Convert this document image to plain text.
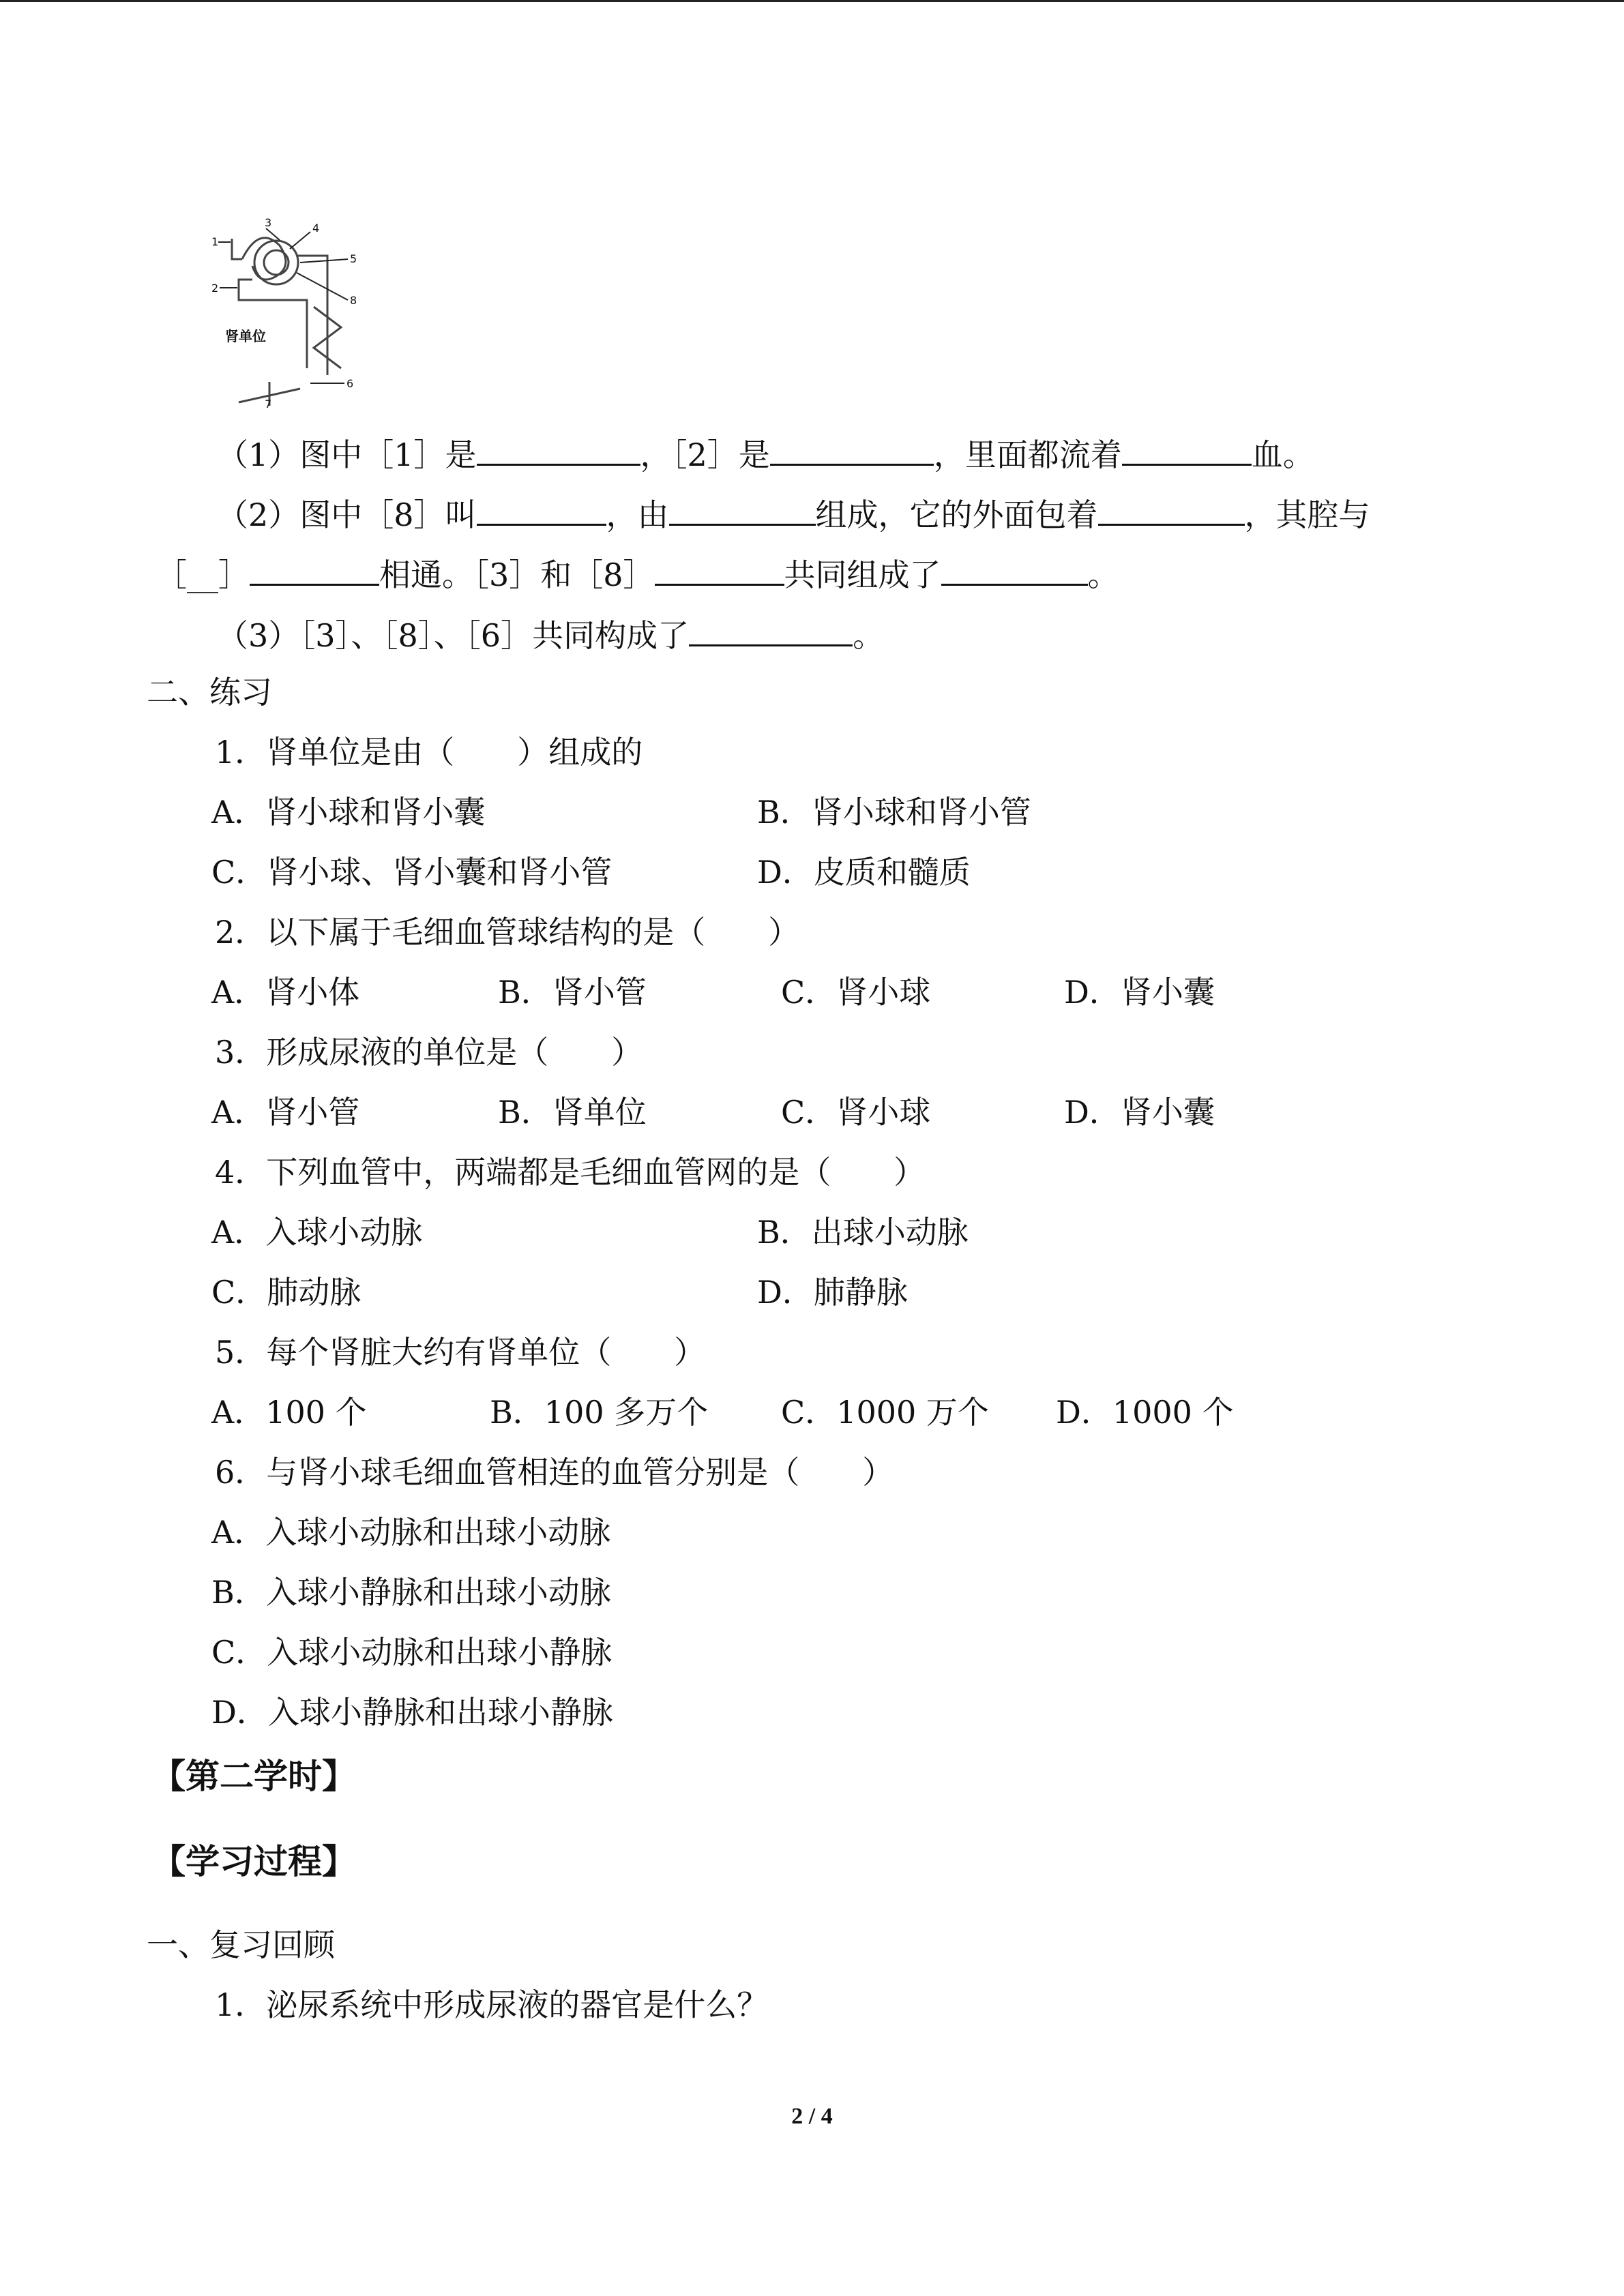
1
2
3	4
5
8
6
7
肾单位
（1）图中［1］是	，［2］是	，里面都流着	血。
（2）图中［8］叫	，由	组成，它的外面包着	，其腔与
［__］	相通。［3］和［8］	共同组成了	。
（3）［3］、［8］、［6］共同构成了	。
二、练习
1．肾单位是由（　　）组成的
A．肾小球和肾小囊	B．肾小球和肾小管
C．肾小球、肾小囊和肾小管	D．皮质和髓质
2．以下属于毛细血管球结构的是（　　）
A．肾小体	B．肾小管	C．肾小球	D．肾小囊
3．形成尿液的单位是（　　）
A．肾小管	B．肾单位	C．肾小球	D．肾小囊
4．下列血管中，两端都是毛细血管网的是（　　）
A．入球小动脉	B．出球小动脉
C．肺动脉	D．肺静脉
5．每个肾脏大约有肾单位（　　）
A．100 个	B．100 多万个 C．1000 万个 D．1000 个
6．与肾小球毛细血管相连的血管分别是（　　）
A．入球小动脉和出球小动脉
B．入球小静脉和出球小动脉
C．入球小动脉和出球小静脉
D．入球小静脉和出球小静脉
【第二学时】
【学习过程】
一、复习回顾
1．泌尿系统中形成尿液的器官是什么？
2 / 4
